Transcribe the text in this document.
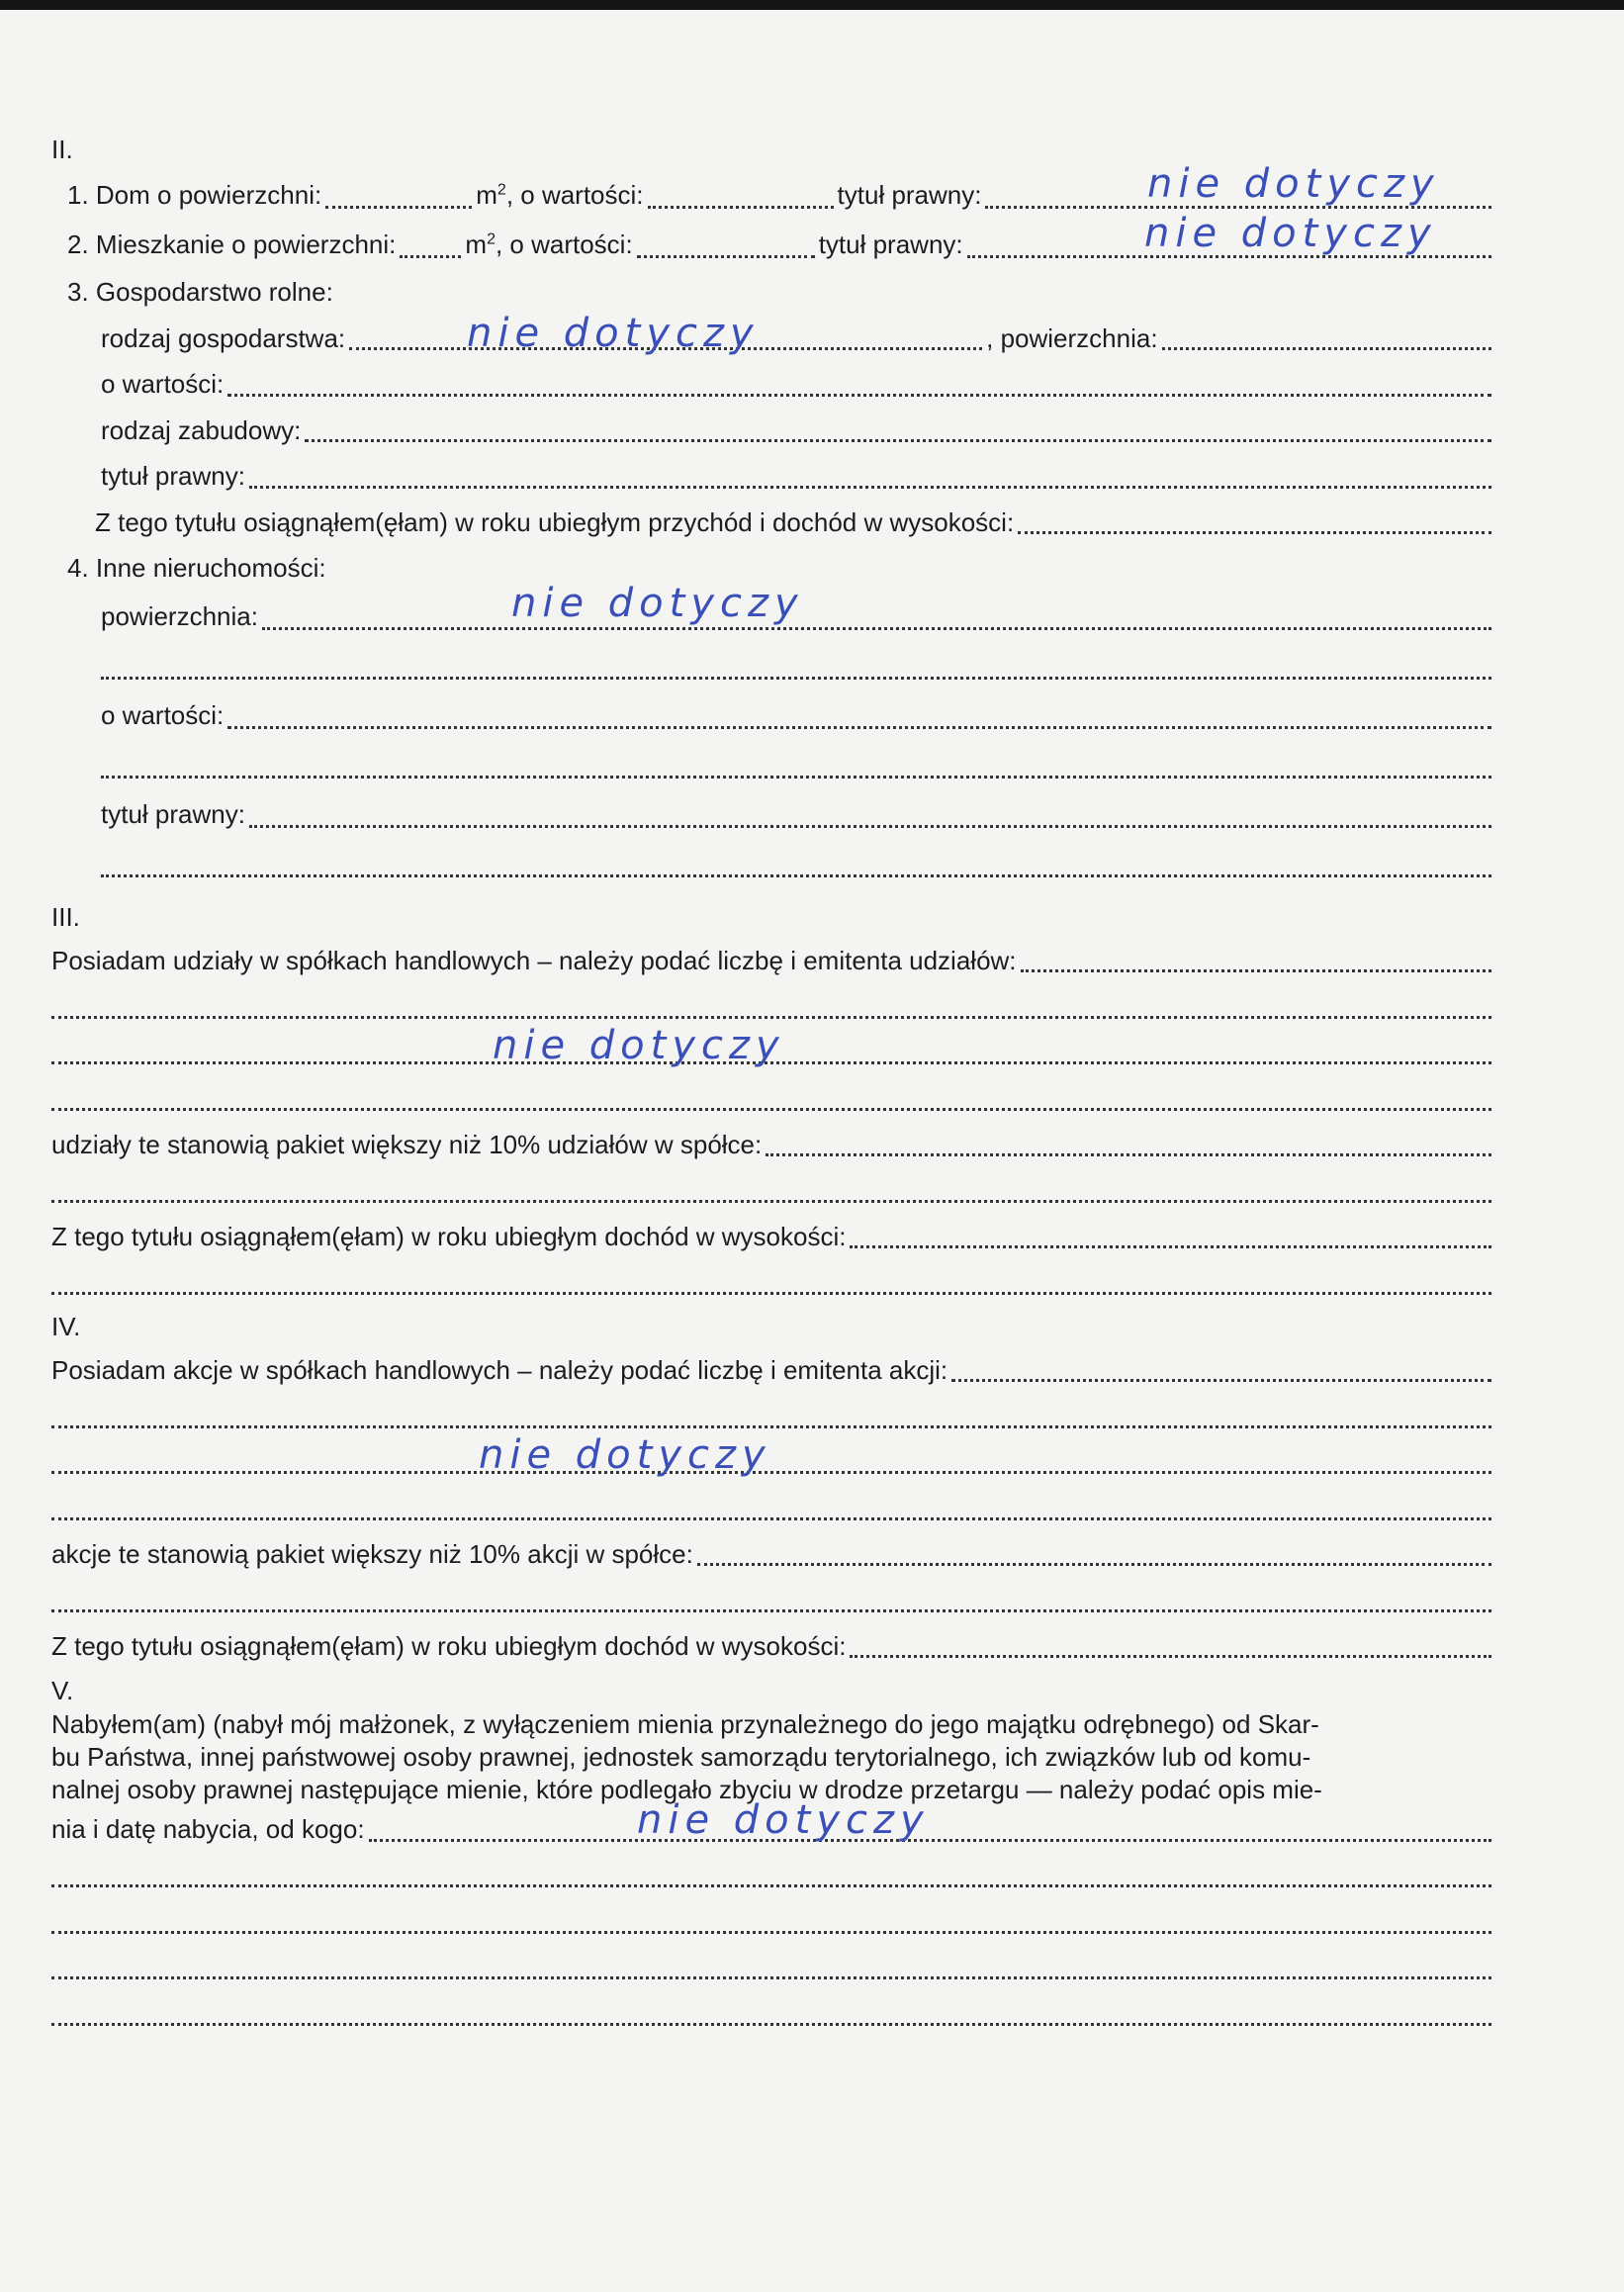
II.
1. Dom o powierzchni:	$m^2$ , o wartości:	tytuł prawny:	nie dotyczy
2. Mieszkanie o powierzchni:	$m^2$ , o wartości:	tytuł prawny:	nie dotyczy
3. Gospodarstwo rolne:
rodzaj gospodarstwa:	, powierzchnia:
nie dotyczy
o wartości:
rodzaj zabudowy:
tytuł prawny:
Z tego tytułu osiągnąłem(ęłam) w roku ubiegłym przychód i dochód w wysokości:
4. Inne nieruchomości:
powierzchnia:	nie dotyczy
o wartości:
tytuł prawny:
III.
Posiadam udziały w spółkach handlowych – należy podać liczbę i emitenta udziałów:
nie dotyczy
udziały te stanowią pakiet większy niż 10% udziałów w spółce:
Z tego tytułu osiągnąłem(ęłam) w roku ubiegłym dochód w wysokości:
IV.
Posiadam akcje w spółkach handlowych – należy podać liczbę i emitenta akcji:
nie dotyczy
akcje te stanowią pakiet większy niż 10% akcji w spółce:
Z tego tytułu osiągnąłem(ęłam) w roku ubiegłym dochód w wysokości:
V.

Nabyłem(am) (nabył mój małżonek, z wyłączeniem mienia przynależnego do jego majątku odrębnego) od Skar-
bu Państwa, innej państwowej osoby prawnej, jednostek samorządu terytorialnego, ich związków lub od komu-
nalnej osoby prawnej następujące mienie, które podlegało zbyciu w drodze przetargu — należy podać opis mie-

nia i datę nabycia, od kogo:	nie dotyczy
